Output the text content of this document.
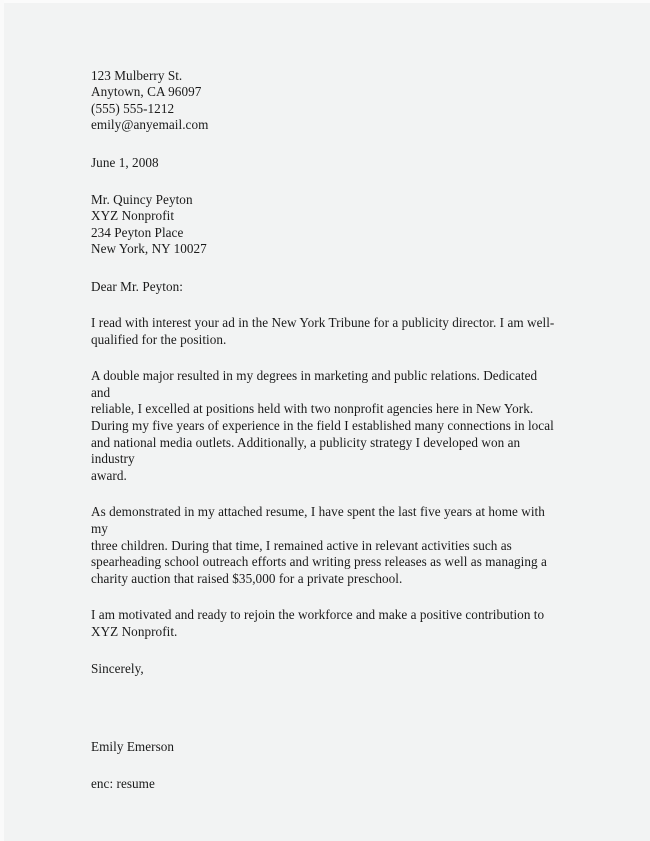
123 Mulberry St.
Anytown, CA 96097
(555) 555-1212
emily@anyemail.com
June 1, 2008
Mr. Quincy Peyton
XYZ Nonprofit
234 Peyton Place
New York, NY 10027
Dear Mr. Peyton:
I read with interest your ad in the New York Tribune for a publicity director. I am well-
qualified for the position.
A double major resulted in my degrees in marketing and public relations. Dedicated and
reliable, I excelled at positions held with two nonprofit agencies here in New York.
During my five years of experience in the field I established many connections in local
and national media outlets. Additionally, a publicity strategy I developed won an industry
award.
As demonstrated in my attached resume, I have spent the last five years at home with my
three children. During that time, I remained active in relevant activities such as
spearheading school outreach efforts and writing press releases as well as managing a
charity auction that raised $35,000 for a private preschool.
I am motivated and ready to rejoin the workforce and make a positive contribution to
XYZ Nonprofit.
Sincerely,
Emily Emerson
enc: resume
